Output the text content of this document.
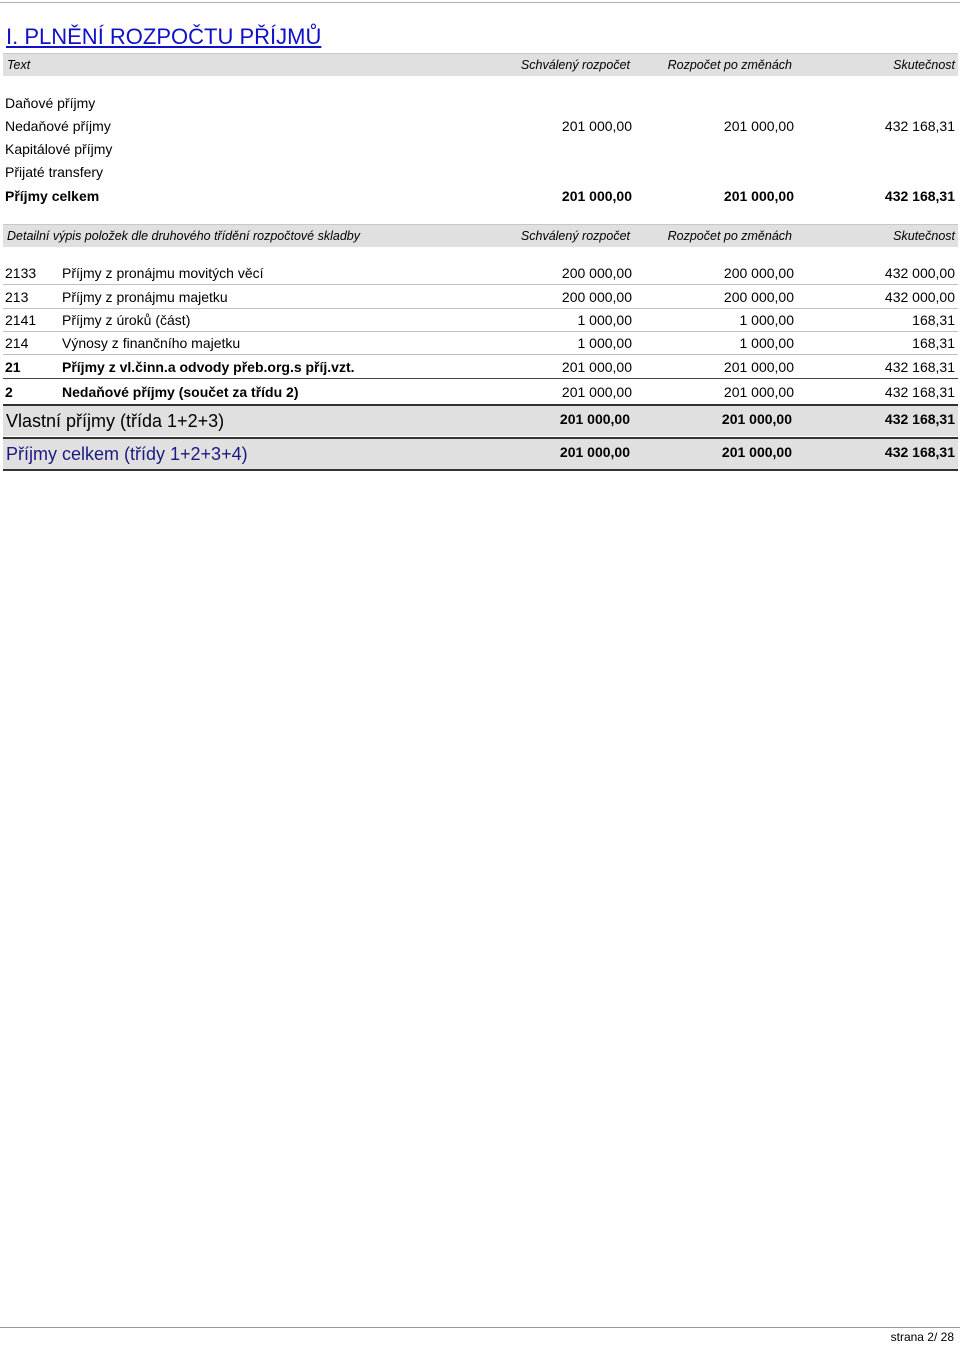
I. PLNĚNÍ ROZPOČTU PŘÍJMŮ
Text	Schválený rozpočet	Rozpočet po změnách	Skutečnost
Daňové příjmy
Nedaňové příjmy	201 000,00	201 000,00	432 168,31
Kapitálové příjmy
Přijaté transfery
Příjmy celkem	201 000,00	201 000,00	432 168,31
Detailní výpis položek dle druhového třídění rozpočtové skladby	Schválený rozpočet	Rozpočet po změnách	Skutečnost
2133 Příjmy z pronájmu movitých věcí	200 000,00	200 000,00	432 000,00
213 Příjmy z pronájmu majetku	200 000,00	200 000,00	432 000,00
2141 Příjmy z úroků (část)	1 000,00	1 000,00	168,31
214 Výnosy z finančního majetku	1 000,00	1 000,00	168,31
21	Příjmy z vl.činn.a odvody přeb.org.s příj.vzt.	201 000,00	201 000,00	432 168,31
2	Nedaňové příjmy (součet za třídu 2)	201 000,00	201 000,00	432 168,31
Vlastní příjmy (třída 1+2+3)	201 000,00	201 000,00	432 168,31
Příjmy celkem (třídy 1+2+3+4)	201 000,00	201 000,00	432 168,31
strana 2/ 28
